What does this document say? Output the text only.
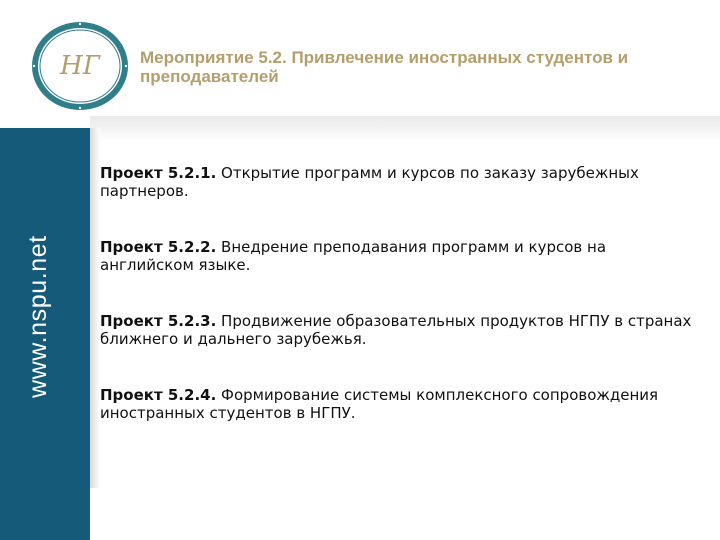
www.nspu.net
НГ Мероприятие 5.2. Привлечение иностранных студентов и преподавателей
Проект 5.2.1. Открытие программ и курсов по заказу зарубежных партнеров.
Проект 5.2.2. Внедрение преподавания программ и курсов на английском языке.
Проект 5.2.3. Продвижение образовательных продуктов НГПУ в странах ближнего и дальнего зарубежья.
Проект 5.2.4. Формирование системы комплексного сопровождения иностранных студентов в НГПУ.
